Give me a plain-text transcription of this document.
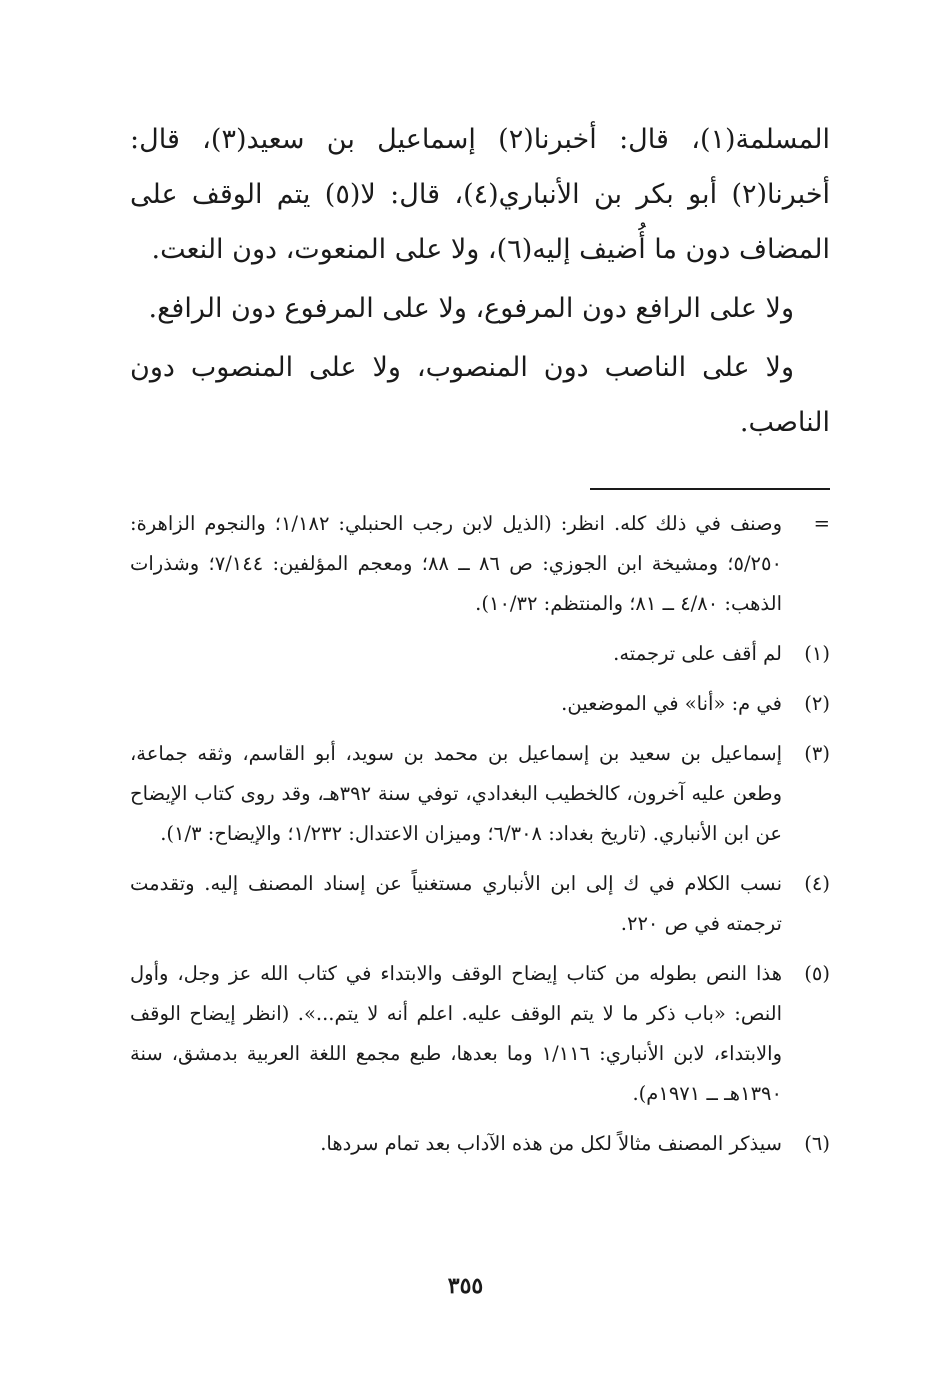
المسلمة(١)، قال: أخبرنا(٢) إسماعيل بن سعيد(٣)، قال: أخبرنا(٢) أبو بكر بن الأنباري(٤)، قال: لا(٥) يتم الوقف على المضاف دون ما أُضيف إليه(٦)، ولا على المنعوت، دون النعت.

ولا على الرافع دون المرفوع، ولا على المرفوع دون الرافع.

ولا على الناصب دون المنصوب، ولا على المنصوب دون الناصب.

=
وصنف في ذلك كله. انظر: (الذيل لابن رجب الحنبلي: ١/١٨٢؛ والنجوم الزاهرة: ٥/٢٥٠؛ ومشيخة ابن الجوزي: ص ٨٦ ــ ٨٨؛ ومعجم المؤلفين: ٧/١٤٤؛ وشذرات الذهب: ٤/٨٠ ــ ٨١؛ والمنتظم: ١٠/٣٢).
(١)
لم أقف على ترجمته.
(٢)
في م: «أنا» في الموضعين.
(٣)
إسماعيل بن سعيد بن إسماعيل بن محمد بن سويد، أبو القاسم، وثقه جماعة، وطعن عليه آخرون، كالخطيب البغدادي، توفي سنة ٣٩٢هـ، وقد روى كتاب الإيضاح عن ابن الأنباري. (تاريخ بغداد: ٦/٣٠٨؛ وميزان الاعتدال: ١/٢٣٢؛ والإيضاح: ١/٣).
(٤)
نسب الكلام في ك إلى ابن الأنباري مستغنياً عن إسناد المصنف إليه. وتقدمت ترجمته في ص ٢٢٠.
(٥)
هذا النص بطوله من كتاب إيضاح الوقف والابتداء في كتاب الله عز وجل، وأول النص: «باب ذكر ما لا يتم الوقف عليه. اعلم أنه لا يتم...». (انظر إيضاح الوقف والابتداء، لابن الأنباري: ١/١١٦ وما بعدها، طبع مجمع اللغة العربية بدمشق، سنة ١٣٩٠هـ ــ ١٩٧١م).
(٦)
سيذكر المصنف مثالاً لكل من هذه الآداب بعد تمام سردها.
٣٥٥
